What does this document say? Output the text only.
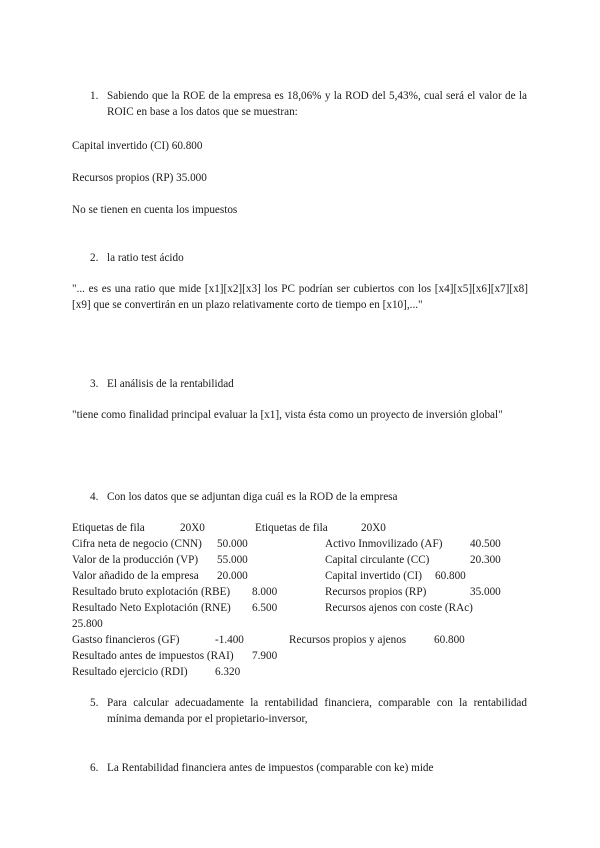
1. Sabiendo que la ROE de la empresa es 18,06% y la ROD del 5,43%, cual será el valor de la ROIC en base a los datos que se muestran:
Capital invertido (CI) 60.800
Recursos propios (RP) 35.000
No se tienen en cuenta los impuestos
2. la ratio test ácido
"... es es una ratio que mide [x1][x2][x3] los PC podrían ser cubiertos con los [x4][x5][x6][x7][x8][x9] que se convertirán en un plazo relativamente corto de tiempo en [x10],..."
3. El análisis de la rentabilidad
"tiene como finalidad principal evaluar la [x1], vista ésta como un proyecto de inversión global"
4. Con los datos que se adjuntan diga cuál es la ROD de la empresa
Etiquetas de fila	20X0	Etiquetas de fila	20X0
Cifra neta de negocio (CNN) 50.000	Activo Inmovilizado (AF) 40.500
Valor de la producción (VP) 55.000	Capital circulante (CC)	20.300
Valor añadido de la empresa 20.000	Capital invertido (CI) 60.800
Resultado bruto explotación (RBE) 8.000	Recursos propios (RP)	35.000
Resultado Neto Explotación (RNE) 6.500	Recursos ajenos con coste (RAc)
25.800
Gastso financieros (GF)	-1.400	Recursos propios y ajenos 60.800
Resultado antes de impuestos (RAI) 7.900
Resultado ejercicio (RDI) 6.320
5. Para calcular adecuadamente la rentabilidad financiera, comparable con la rentabilidad mínima demanda por el propietario-inversor,
6. La Rentabilidad financiera antes de impuestos (comparable con ke) mide
